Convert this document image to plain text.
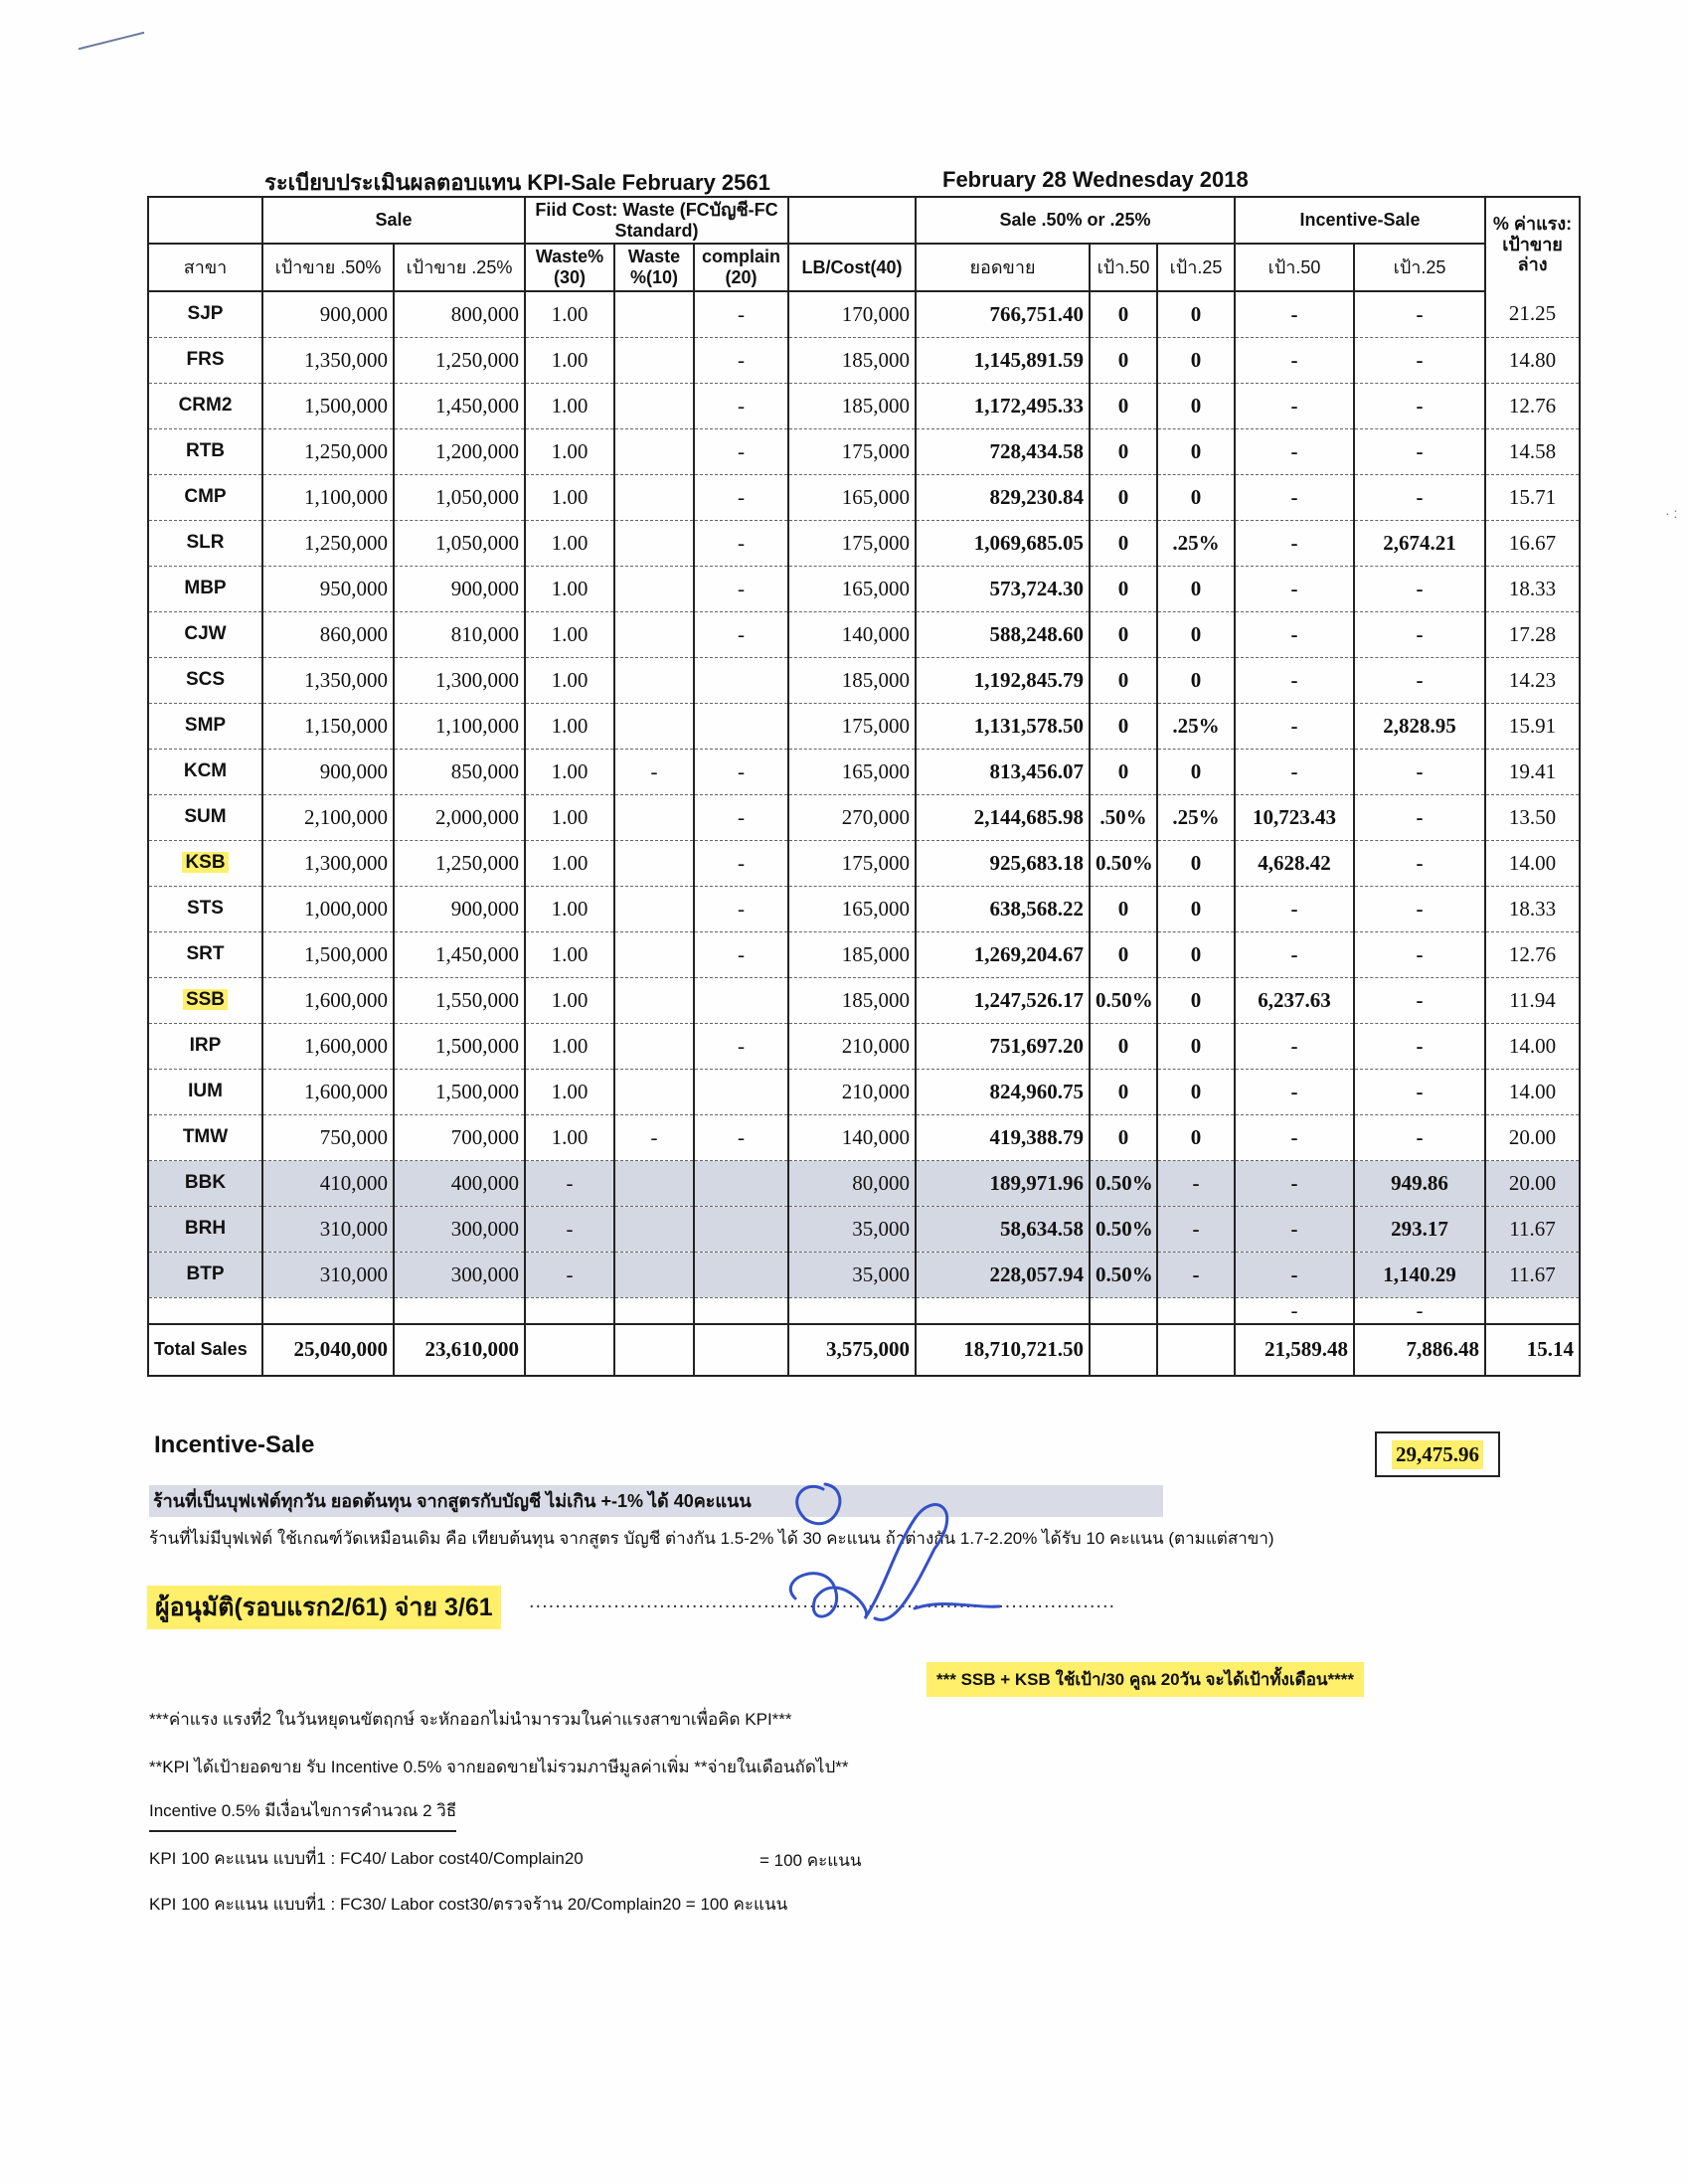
· :
ระเบียบประเมินผลตอบแทน KPI-Sale February 2561	February 28 Wednesday 2018
	Sale		Fiid Cost: Waste (FCบัญชี-FC Standard)				Sale .50% or .25%			Incentive-Sale		% ค่าแรง: เป้าขาย ล่าง
สาขา	เป้าขาย .50%	เป้าขาย .25%	Waste% (30)	Waste %(10)	complain (20)	LB/Cost(40)	ยอดขาย	เป้า.50	เป้า.25	เป้า.50	เป้า.25	
SJP	900,000	800,000	1.00		-	170,000	766,751.40	0	0	-	-	21.25
FRS	1,350,000	1,250,000	1.00		-	185,000	1,145,891.59	0	0	-	-	14.80
CRM2	1,500,000	1,450,000	1.00		-	185,000	1,172,495.33	0	0	-	-	12.76
RTB	1,250,000	1,200,000	1.00		-	175,000	728,434.58	0	0	-	-	14.58
CMP	1,100,000	1,050,000	1.00		-	165,000	829,230.84	0	0	-	-	15.71
SLR	1,250,000	1,050,000	1.00		-	175,000	1,069,685.05	0	.25%	-	2,674.21	16.67
MBP	950,000	900,000	1.00		-	165,000	573,724.30	0	0	-	-	18.33
CJW	860,000	810,000	1.00		-	140,000	588,248.60	0	0	-	-	17.28
SCS	1,350,000	1,300,000	1.00			185,000	1,192,845.79	0	0	-	-	14.23
SMP	1,150,000	1,100,000	1.00			175,000	1,131,578.50	0	.25%	-	2,828.95	15.91
KCM	900,000	850,000	1.00	-	-	165,000	813,456.07	0	0	-	-	19.41
SUM	2,100,000	2,000,000	1.00		-	270,000	2,144,685.98	.50%	.25%	10,723.43	-	13.50
KSB	1,300,000	1,250,000	1.00		-	175,000	925,683.18	0.50%	0	4,628.42	-	14.00
STS	1,000,000	900,000	1.00		-	165,000	638,568.22	0	0	-	-	18.33
SRT	1,500,000	1,450,000	1.00		-	185,000	1,269,204.67	0	0	-	-	12.76
SSB	1,600,000	1,550,000	1.00			185,000	1,247,526.17	0.50%	0	6,237.63	-	11.94
IRP	1,600,000	1,500,000	1.00		-	210,000	751,697.20	0	0	-	-	14.00
IUM	1,600,000	1,500,000	1.00			210,000	824,960.75	0	0	-	-	14.00
TMW	750,000	700,000	1.00	-	-	140,000	419,388.79	0	0	-	-	20.00
BBK	410,000	400,000	-			80,000	189,971.96	0.50%	-	-	949.86	20.00
BRH	310,000	300,000	-			35,000	58,634.58	0.50%	-	-	293.17	11.67
BTP	310,000	300,000	-			35,000	228,057.94	0.50%	-	-	1,140.29	11.67
										-	-	
Total Sales	25,040,000	23,610,000				3,575,000	18,710,721.50			21,589.48	7,886.48	15.14
Incentive-Sale	29,475.96
ร้านที่เป็นบุฟเฟ่ต์ทุกวัน ยอดต้นทุน จากสูตรกับบัญชี ไม่เกิน +-1% ได้ 40คะแนน
ร้านที่ไม่มีบุฟเฟ่ต์ ใช้เกณฑ์วัดเหมือนเดิม คือ เทียบต้นทุน จากสูตร บัญชี ต่างกัน 1.5-2% ได้ 30 คะแนน ถ้าต่างกัน 1.7-2.20% ได้รับ 10 คะแนน (ตามแต่สาขา)
ผู้อนุมัติ(รอบแรก2/61) จ่าย 3/61	..........................................................................................
*** SSB + KSB ใช้เป้า/30 คูณ 20วัน จะได้เป้าทั้งเดือน****
***ค่าแรง แรงที่2 ในวันหยุดนขัตฤกษ์ จะหักออกไม่นำมารวมในค่าแรงสาขาเพื่อคิด KPI***
**KPI ได้เป้ายอดขาย รับ Incentive 0.5% จากยอดขายไม่รวมภาษีมูลค่าเพิ่ม **จ่ายในเดือนถัดไป**
Incentive 0.5% มีเงื่อนไขการคำนวณ 2 วิธี
KPI 100 คะแนน แบบที่1 : FC40/ Labor cost40/Complain20	= 100 คะแนน
KPI 100 คะแนน แบบที่1 : FC30/ Labor cost30/ตรวจร้าน 20/Complain20 = 100 คะแนน
